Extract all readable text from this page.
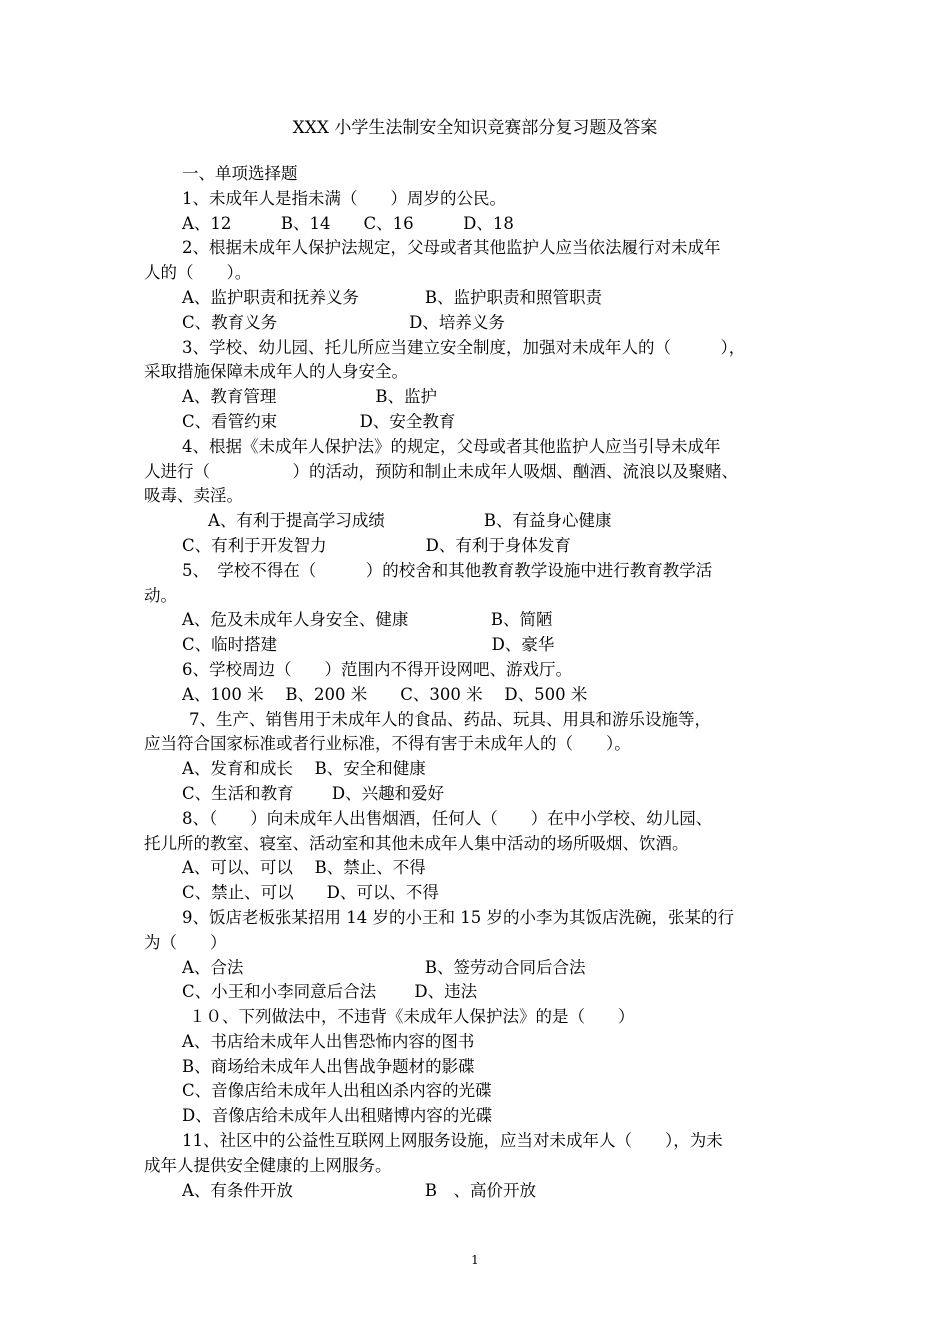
XXX 小学生法制安全知识竞赛部分复习题及答案
一、单项选择题
1、未成年人是指未满（　　）周岁的公民。
A、12　　　B、14　　C、16　　　D、18
2、根据未成年人保护法规定，父母或者其他监护人应当依法履行对未成年
人的（　　）。
A、监护职责和抚养义务　　　　B、监护职责和照管职责
C、教育义务　　　　　　　　D、培养义务
3、学校、幼儿园、托儿所应当建立安全制度，加强对未成年人的（　　　），
采取措施保障未成年人的人身安全。
A、教育管理　　　　　　B、监护
C、看管约束　　　　　D、安全教育
4、根据《未成年人保护法》的规定，父母或者其他监护人应当引导未成年
人进行（　　　　　）的活动，预防和制止未成年人吸烟、酗酒、流浪以及聚赌、
吸毒、卖淫。
A、有利于提高学习成绩　　　　　　B、有益身心健康
C、有利于开发智力　　　　　　D、有利于身体发育
5、　学校不得在（　　　）的校舍和其他教育教学设施中进行教育教学活
动。
A、危及未成年人身安全、健康　　　　　B、简陋
C、临时搭建　　　　　　　　　　　　　D、豪华
6、学校周边（　　）范围内不得开设网吧、游戏厅。
A、100 米　 B、200 米　　C、300 米　 D、500 米
7、生产、销售用于未成年人的食品、药品、玩具、用具和游乐设施等，
应当符合国家标准或者行业标准，不得有害于未成年人的（　　）。
A、发育和成长　 B、安全和健康
C、生活和教育　　 D、兴趣和爱好
8、（　　）向未成年人出售烟酒，任何人（　　）在中小学校、幼儿园、
托儿所的教室、寝室、活动室和其他未成年人集中活动的场所吸烟、饮酒。
A、可以、可以　 B、禁止、不得
C、禁止、可以　　D、可以、不得
9、饭店老板张某招用 14 岁的小王和 15 岁的小李为其饭店洗碗，张某的行
为（　　）
A、合法　　　　　　　　　　　B、签劳动合同后合法
C、小王和小李同意后合法　　 D、违法
１０、下列做法中，不违背《未成年人保护法》的是（　　）
A、书店给未成年人出售恐怖内容的图书
B、商场给未成年人出售战争题材的影碟
C、音像店给未成年人出租凶杀内容的光碟
D、音像店给未成年人出租赌博内容的光碟
11、社区中的公益性互联网上网服务设施，应当对未成年人（　　），为未
成年人提供安全健康的上网服务。
A、有条件开放　　　　　　　　B　、高价开放
1
